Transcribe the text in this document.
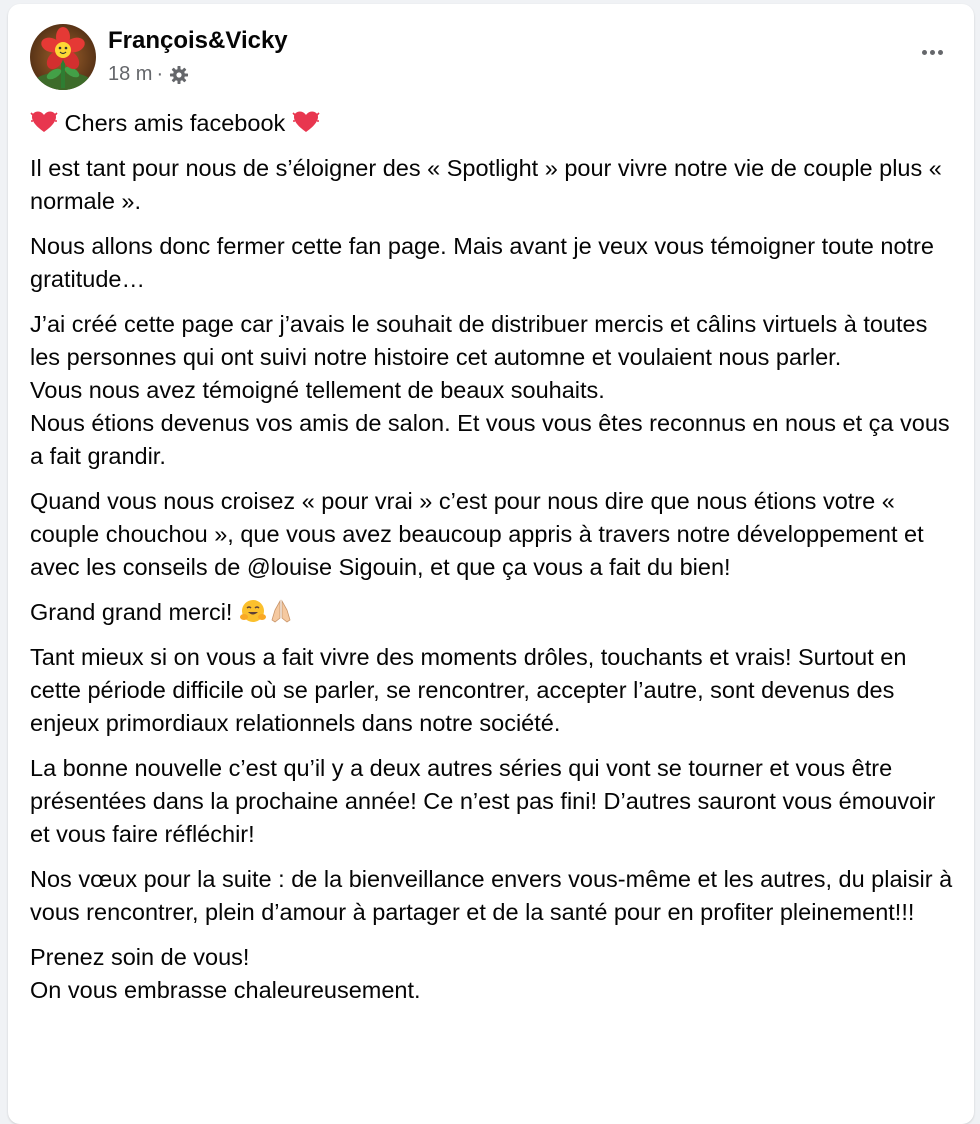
François&Vicky
18 m ·

Chers amis facebook

Il est tant pour nous de s’éloigner des « Spotlight » pour vivre notre vie de couple plus « normale ».

Nous allons donc fermer cette fan page. Mais avant je veux vous témoigner toute notre gratitude…

J’ai créé cette page car j’avais le souhait de distribuer mercis et câlins virtuels à toutes les personnes qui ont suivi notre histoire cet automne et voulaient nous parler.
Vous nous avez témoigné tellement de beaux souhaits.
Nous étions devenus vos amis de salon. Et vous vous êtes reconnus en nous et ça vous a fait grandir.

Quand vous nous croisez « pour vrai » c’est pour nous dire que nous étions votre « couple chouchou », que vous avez beaucoup appris à travers notre développement et avec les conseils de @louise Sigouin, et que ça vous a fait du bien!

Grand grand merci!

Tant mieux si on vous a fait vivre des moments drôles, touchants et vrais! Surtout en cette période difficile où se parler, se rencontrer, accepter l’autre, sont devenus des enjeux primordiaux relationnels dans notre société.

La bonne nouvelle c’est qu’il y a deux autres séries qui vont se tourner et vous être présentées dans la prochaine année! Ce n’est pas fini! D’autres sauront vous émouvoir et vous faire réfléchir!

Nos vœux pour la suite : de la bienveillance envers vous-même et les autres, du plaisir à vous rencontrer, plein d’amour à partager et de la santé pour en profiter pleinement!!!

Prenez soin de vous!
On vous embrasse chaleureusement.
